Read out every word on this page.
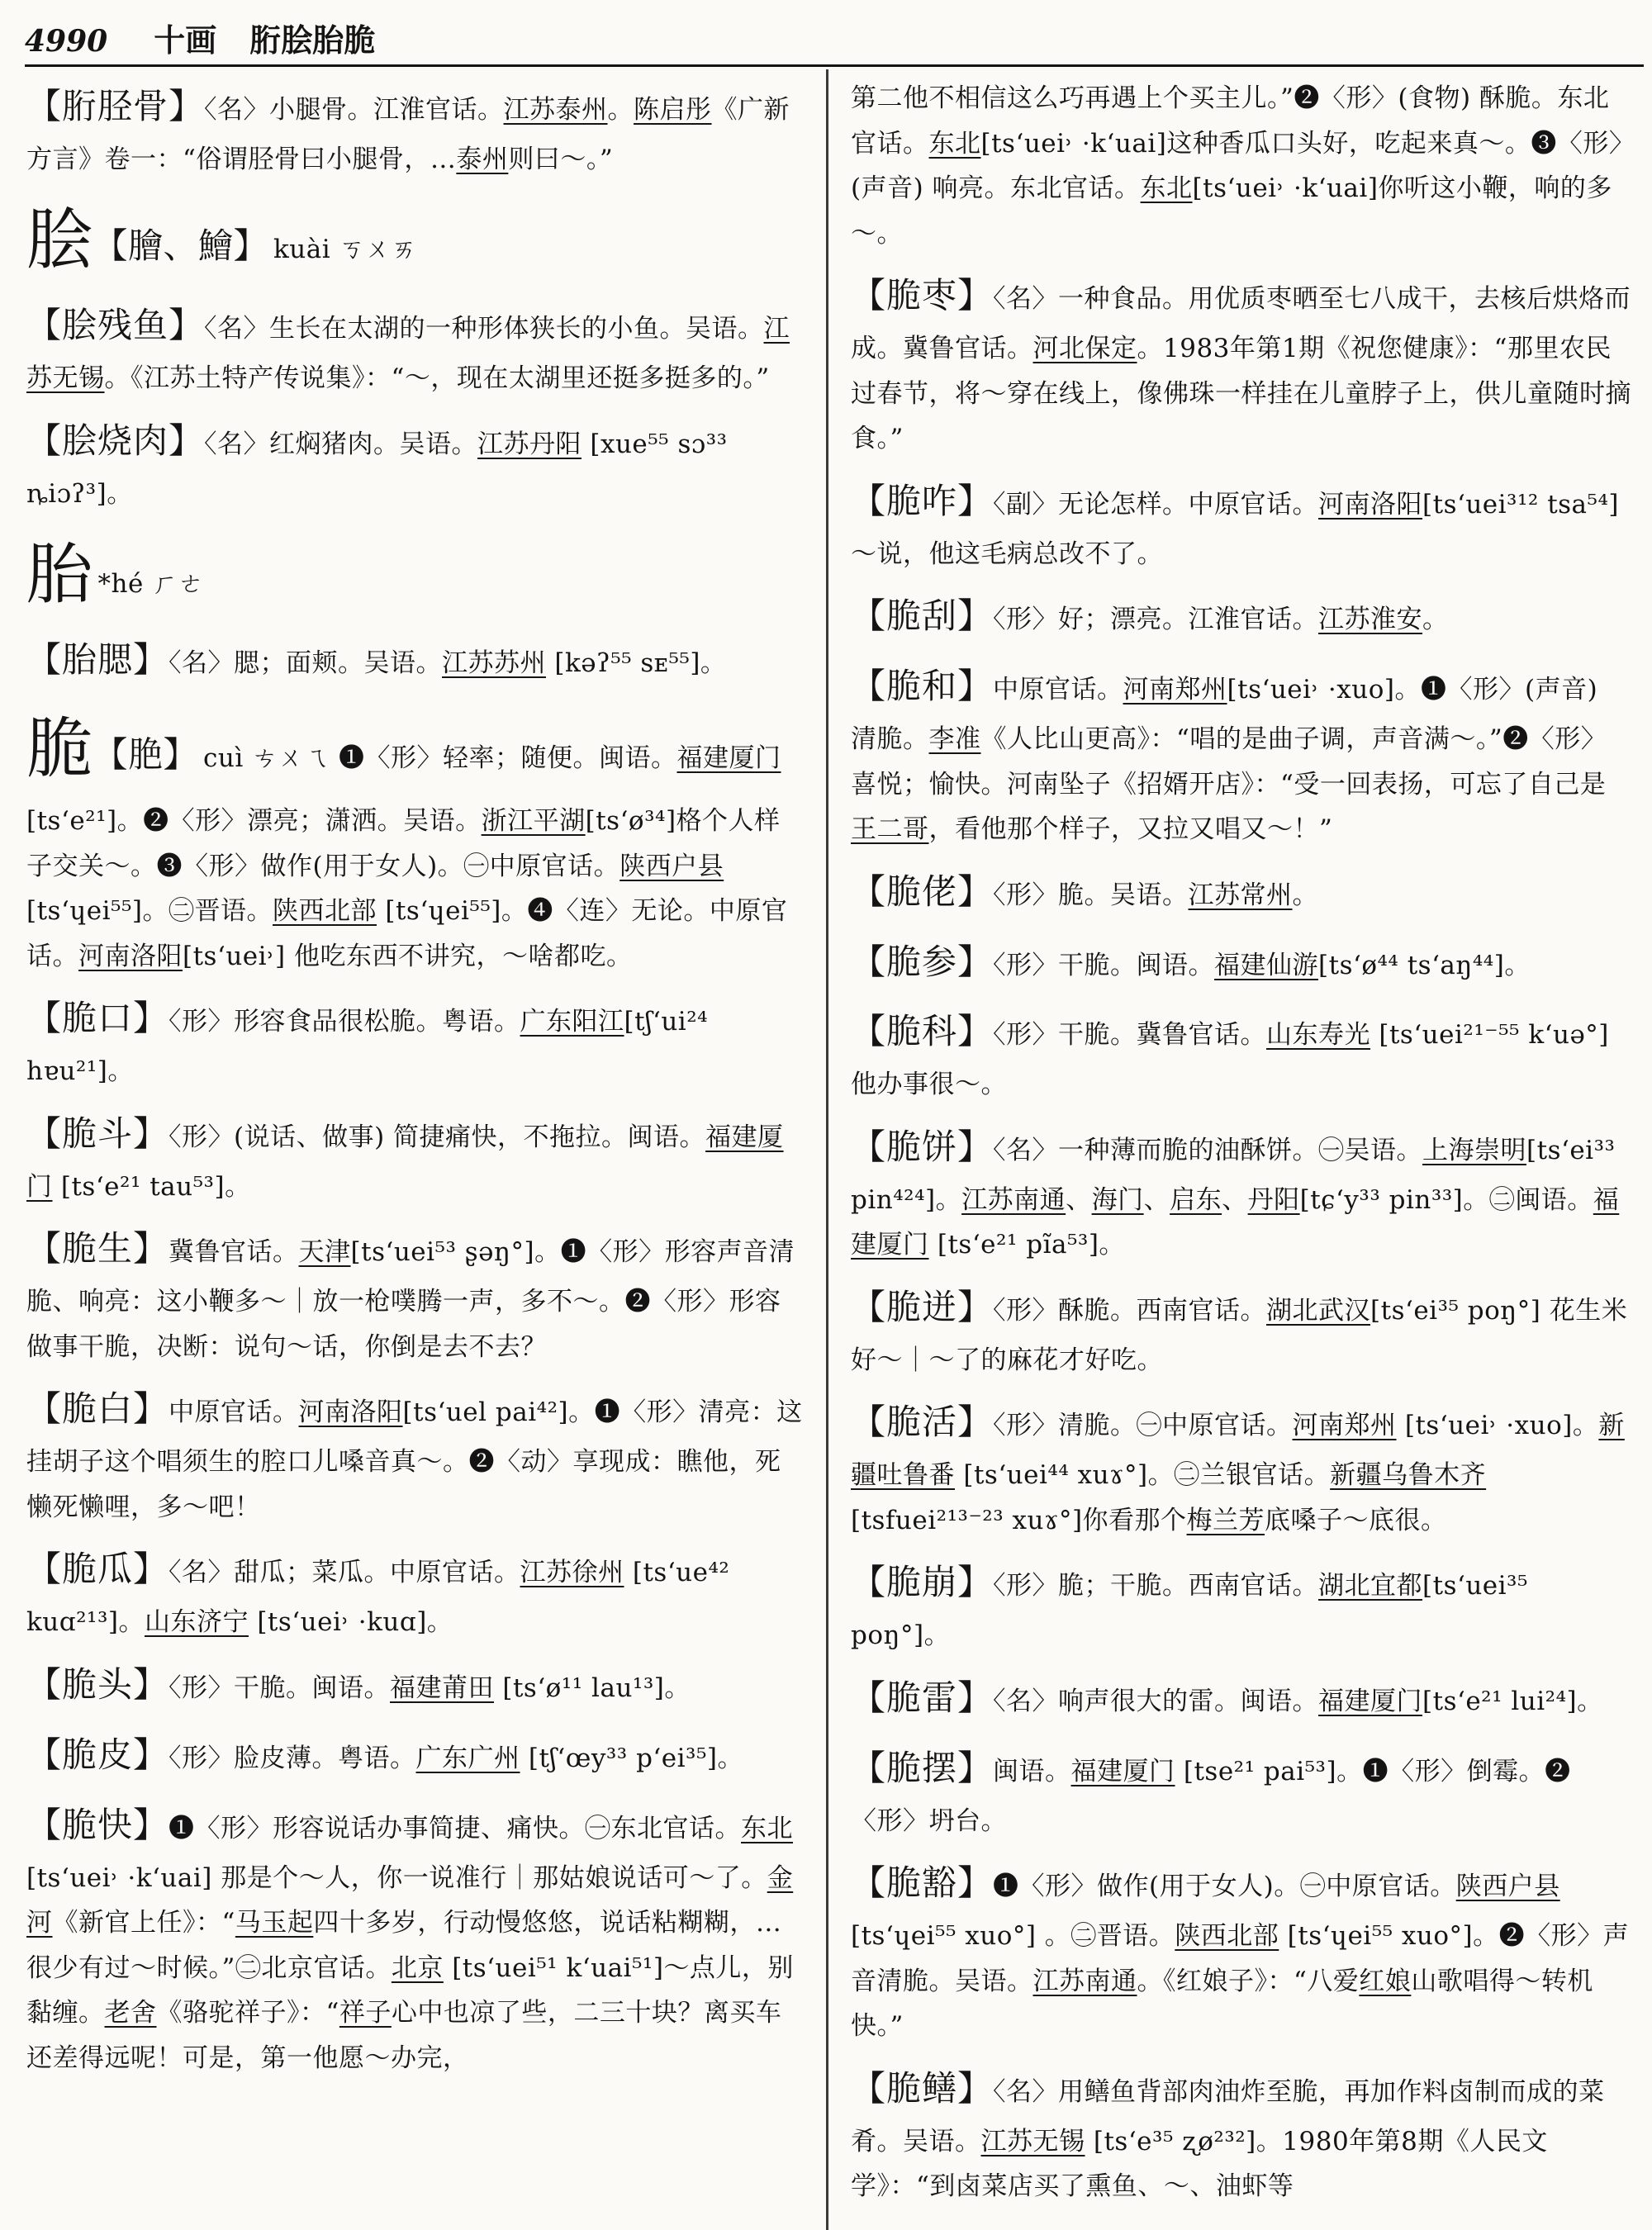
4990 十画 胻脍胎脆
【胻胫骨】〈名〉小腿骨。江淮官话。江苏泰州。陈启彤《广新方言》卷一：“俗谓胫骨曰小腿骨，…泰州则曰～。”
脍【膾、鱠】 kuài ㄎㄨㄞ
【脍残鱼】〈名〉生长在太湖的一种形体狭长的小鱼。吴语。江苏无锡。《江苏土特产传说集》：“～，现在太湖里还挺多挺多的。”
【脍烧肉】〈名〉红焖猪肉。吴语。江苏丹阳 [xue⁵⁵ sɔ³³ ȵiɔʔ³]。
胎 *hé ㄏㄜ
【胎腮】〈名〉腮；面颊。吴语。江苏苏州 [kəʔ⁵⁵ sᴇ⁵⁵]。
脆【脃】 cuì ㄘㄨㄟ ❶〈形〉轻率；随便。闽语。福建厦门[ts‘e²¹]。❷〈形〉漂亮；潇洒。吴语。浙江平湖[ts‘ø³⁴]格个人样子交关～。❸〈形〉做作(用于女人)。㊀中原官话。陕西户县 [ts‘ɥei⁵⁵]。㊁晋语。陕西北部 [ts‘ɥei⁵⁵]。❹〈连〉无论。中原官话。河南洛阳[ts‘uei˒] 他吃东西不讲究，～啥都吃。
【脆口】〈形〉形容食品很松脆。粤语。广东阳江[tʃ‘ui²⁴ hɐu²¹]。
【脆斗】〈形〉(说话、做事) 简捷痛快，不拖拉。闽语。福建厦门 [ts‘e²¹ tau⁵³]。
【脆生】冀鲁官话。天津[ts‘uei⁵³ ʂəŋ°]。❶〈形〉形容声音清脆、响亮：这小鞭多～｜放一枪噗腾一声，多不～。❷〈形〉形容做事干脆，决断：说句～话，你倒是去不去？
【脆白】中原官话。河南洛阳[ts‘uel pai⁴²]。❶〈形〉清亮：这挂胡子这个唱须生的腔口儿嗓音真～。❷〈动〉享现成：瞧他，死懒死懒哩，多～吧！
【脆瓜】〈名〉甜瓜；菜瓜。中原官话。江苏徐州 [ts‘ue⁴² kuɑ²¹³]。山东济宁 [ts‘uei˒ ·kuɑ]。
【脆头】〈形〉干脆。闽语。福建莆田 [ts‘ø¹¹ lau¹³]。
【脆皮】〈形〉脸皮薄。粤语。广东广州 [tʃ‘œy³³ p‘ei³⁵]。
【脆快】❶〈形〉形容说话办事简捷、痛快。㊀东北官话。东北[ts‘uei˒ ·k‘uai] 那是个～人，你一说准行｜那姑娘说话可～了。金河《新官上任》：“马玉起四十多岁，行动慢悠悠，说话粘糊糊，…很少有过～时候。”㊁北京官话。北京 [ts‘uei⁵¹ k‘uai⁵¹]～点儿，别黏缠。老舍《骆驼祥子》：“祥子心中也凉了些，二三十块？离买车还差得远呢！可是，第一他愿～办完，
第二他不相信这么巧再遇上个买主儿。”❷〈形〉(食物) 酥脆。东北官话。东北[ts‘uei˒ ·k‘uai]这种香瓜口头好，吃起来真～。❸〈形〉(声音) 响亮。东北官话。东北[ts‘uei˒ ·k‘uai]你听这小鞭，响的多～。
【脆枣】〈名〉一种食品。用优质枣晒至七八成干，去核后烘烙而成。冀鲁官话。河北保定。1983年第1期《祝您健康》：“那里农民过春节，将～穿在线上，像佛珠一样挂在儿童脖子上，供儿童随时摘食。”
【脆咋】〈副〉无论怎样。中原官话。河南洛阳[ts‘uei³¹² tsa⁵⁴]～说，他这毛病总改不了。
【脆刮】〈形〉好；漂亮。江淮官话。江苏淮安。
【脆和】中原官话。河南郑州[ts‘uei˒ ·xuo]。❶〈形〉(声音) 清脆。李准《人比山更高》：“唱的是曲子调，声音满～。”❷〈形〉喜悦；愉快。河南坠子《招婿开店》：“受一回表扬，可忘了自己是王二哥，看他那个样子，又拉又唱又～！”
【脆佬】〈形〉脆。吴语。江苏常州。
【脆参】〈形〉干脆。闽语。福建仙游[ts‘ø⁴⁴ ts‘aŋ⁴⁴]。
【脆科】〈形〉干脆。冀鲁官话。山东寿光 [ts‘uei²¹⁻⁵⁵ k‘uə°] 他办事很～。
【脆饼】〈名〉一种薄而脆的油酥饼。㊀吴语。上海崇明[ts‘ei³³ pin⁴²⁴]。江苏南通、海门、启东、丹阳[tɕ‘y³³ pin³³]。㊁闽语。福建厦门 [ts‘e²¹ pĩa⁵³]。
【脆迸】〈形〉酥脆。西南官话。湖北武汉[ts‘ei³⁵ poŋ°] 花生米好～｜～了的麻花才好吃。
【脆活】〈形〉清脆。㊀中原官话。河南郑州 [ts‘uei˒ ·xuo]。新疆吐鲁番 [ts‘uei⁴⁴ xuɤ°]。㊁兰银官话。新疆乌鲁木齐[tsfuei²¹³⁻²³ xuɤ°]你看那个梅兰芳底嗓子～底很。
【脆崩】〈形〉脆；干脆。西南官话。湖北宜都[ts‘uei³⁵ poŋ°]。
【脆雷】〈名〉响声很大的雷。闽语。福建厦门[ts‘e²¹ lui²⁴]。
【脆摆】闽语。福建厦门 [tse²¹ pai⁵³]。❶〈形〉倒霉。❷〈形〉坍台。
【脆豁】❶〈形〉做作(用于女人)。㊀中原官话。陕西户县 [ts‘ɥei⁵⁵ xuo°] 。㊁晋语。陕西北部 [ts‘ɥei⁵⁵ xuo°]。❷〈形〉声音清脆。吴语。江苏南通。《红娘子》：“八爱红娘山歌唱得～转机快。”
【脆鳝】〈名〉用鳝鱼背部肉油炸至脆，再加作料卤制而成的菜肴。吴语。江苏无锡 [ts‘e³⁵ ʐø²³²]。1980年第8期《人民文学》：“到卤菜店买了熏鱼、～、油虾等
